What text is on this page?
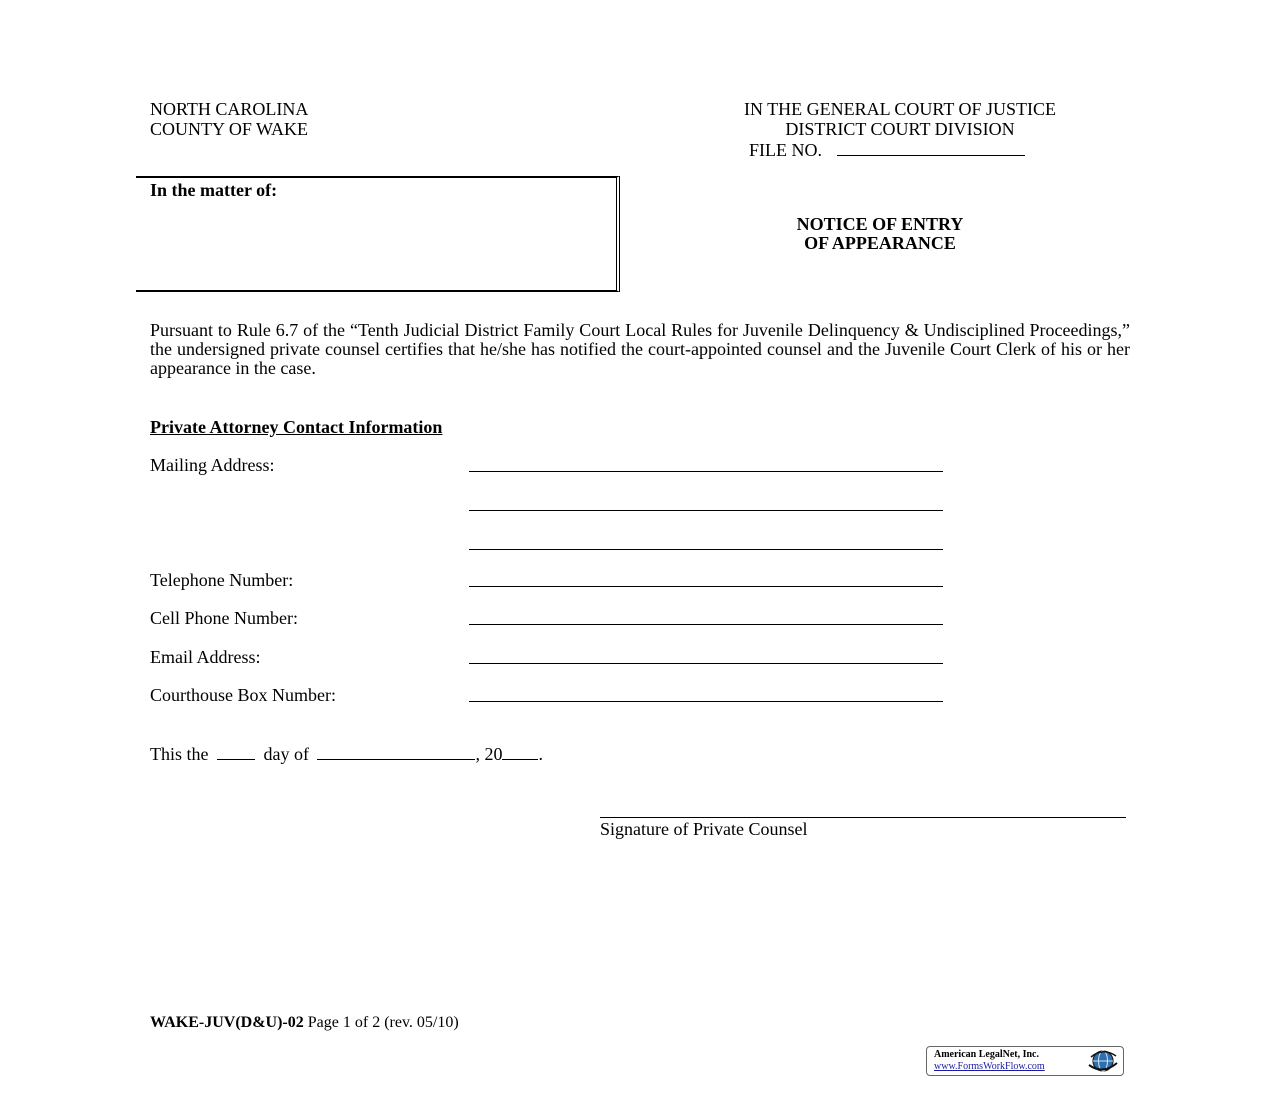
NORTH CAROLINA
COUNTY OF WAKE
IN THE GENERAL COURT OF JUSTICE
DISTRICT COURT DIVISION
FILE NO.
In the matter of:
NOTICE OF ENTRY
OF APPEARANCE
Pursuant to Rule 6.7 of the “Tenth Judicial District Family Court Local Rules for Juvenile Delinquency & Undisciplined Proceedings,” the undersigned private counsel certifies that he/she has notified the court-appointed counsel and the Juvenile Court Clerk of his or her appearance in the case.
Private Attorney Contact Information
Mailing Address:
Telephone Number:
Cell Phone Number:
Email Address:
Courthouse Box Number:
This the	day of	, 20 .
Signature of Private Counsel
WAKE-JUV(D&U)-02 Page 1 of 2 (rev. 05/10)
American LegalNet, Inc.
www.FormsWorkFlow.com
